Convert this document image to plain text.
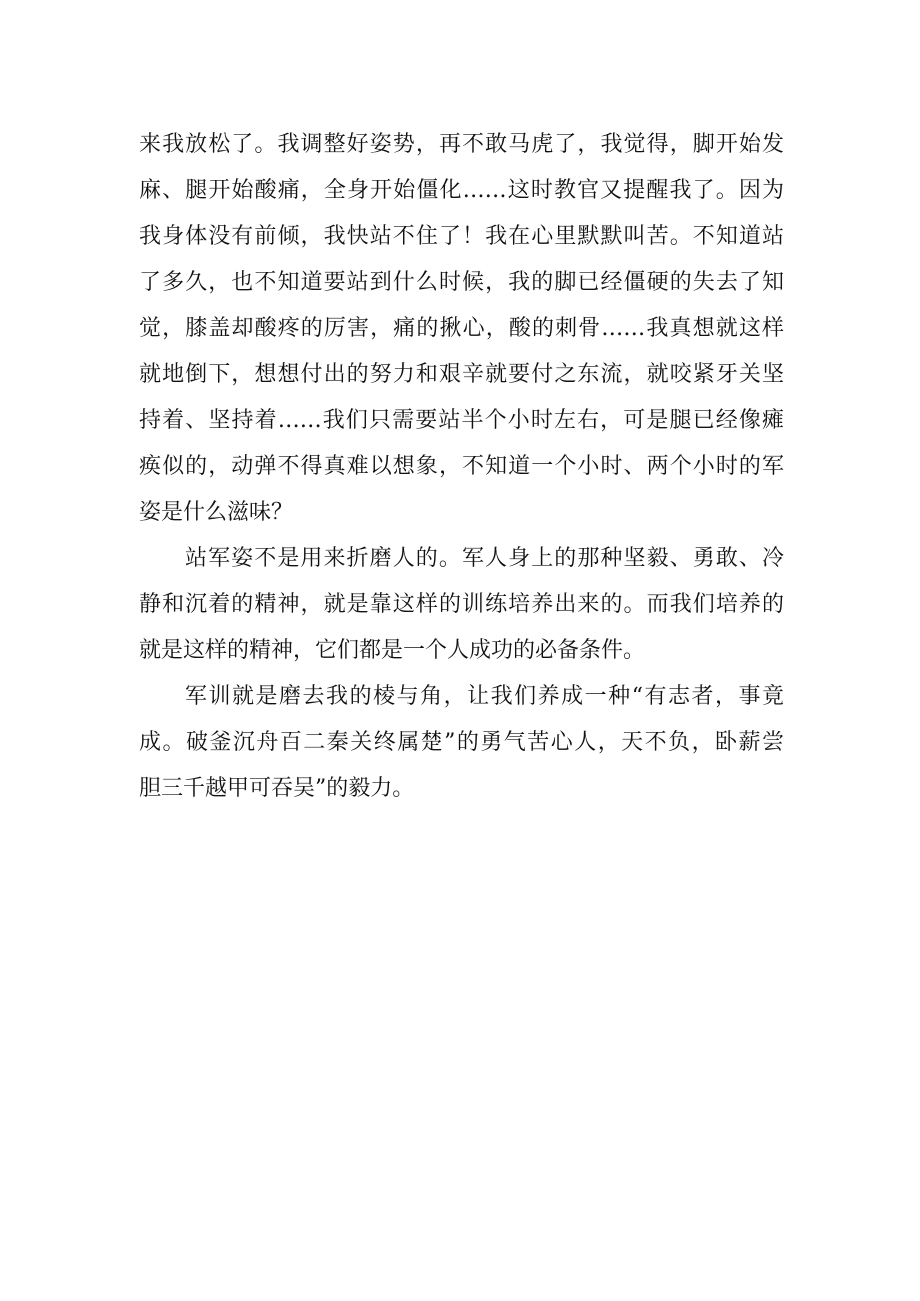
来我放松了。我调整好姿势，再不敢马虎了，我觉得，脚开始发
麻、腿开始酸痛，全身开始僵化……这时教官又提醒我了。因为
我身体没有前倾，我快站不住了！我在心里默默叫苦。不知道站
了多久，也不知道要站到什么时候，我的脚已经僵硬的失去了知
觉，膝盖却酸疼的厉害，痛的揪心，酸的刺骨……我真想就这样
就地倒下，想想付出的努力和艰辛就要付之东流，就咬紧牙关坚
持着、坚持着……我们只需要站半个小时左右，可是腿已经像瘫
痪似的，动弹不得真难以想象，不知道一个小时、两个小时的军
姿是什么滋味？
站军姿不是用来折磨人的。军人身上的那种坚毅、勇敢、冷
静和沉着的精神，就是靠这样的训练培养出来的。而我们培养的
就是这样的精神，它们都是一个人成功的必备条件。
军训就是磨去我的棱与角，让我们养成一种“有志者，事竟
成。破釜沉舟百二秦关终属楚”的勇气苦心人，天不负，卧薪尝
胆三千越甲可吞吴”的毅力。
